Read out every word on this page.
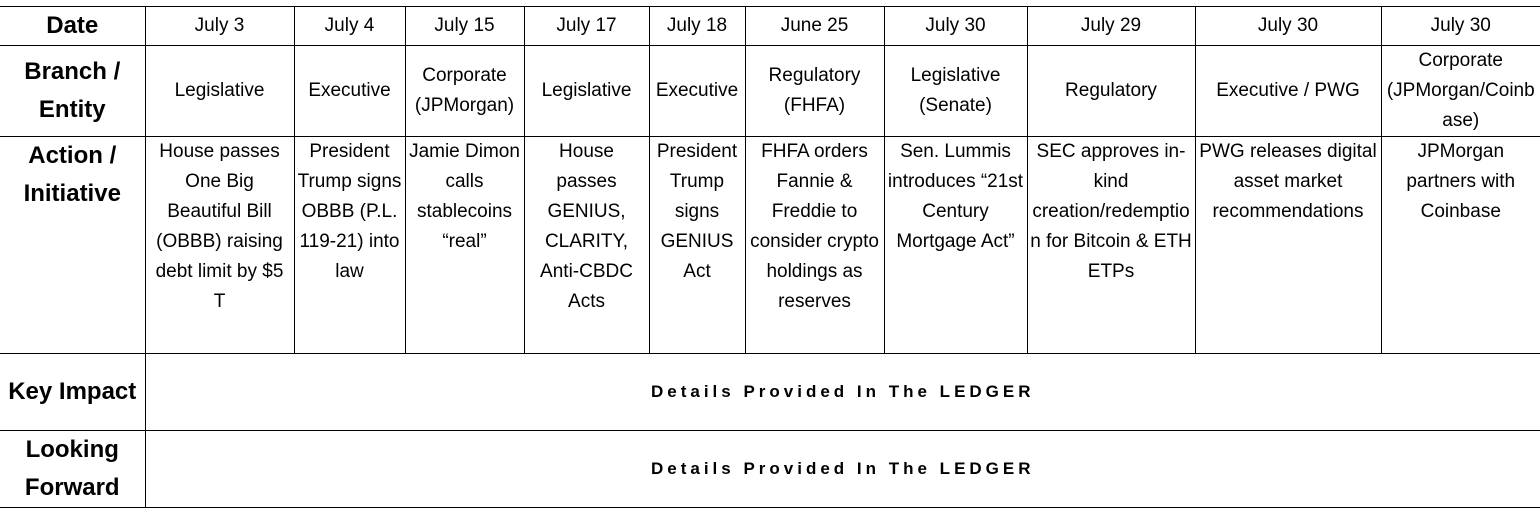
Date	July 3	July 4	July 15	July 17	July 18	June 25	July 30	July 29	July 30	July 30
Branch / Entity	Legislative	Executive	Corporate (JPMorgan)	Legislative	Executive	Regulatory (FHFA)	Legislative (Senate)	Regulatory	Executive / PWG	Corporate (JPMorgan/Coinbase)
Action / Initiative	House passes One Big Beautiful Bill (OBBB) raising debt limit by $5 T	President Trump signs OBBB (P.L. 119-21) into law	Jamie Dimon calls stablecoins “real”	House passes GENIUS, CLARITY, Anti-CBDC Acts	President Trump signs GENIUS Act	FHFA orders Fannie & Freddie to consider crypto holdings as reserves	Sen. Lummis introduces “21st Century Mortgage Act”	SEC approves in-kind creation/redemption for Bitcoin & ETH ETPs	PWG releases digital asset market recommendations	JPMorgan partners with Coinbase
Key Impact	Details Provided In The LEDGER									
Looking Forward	Details Provided In The LEDGER									
